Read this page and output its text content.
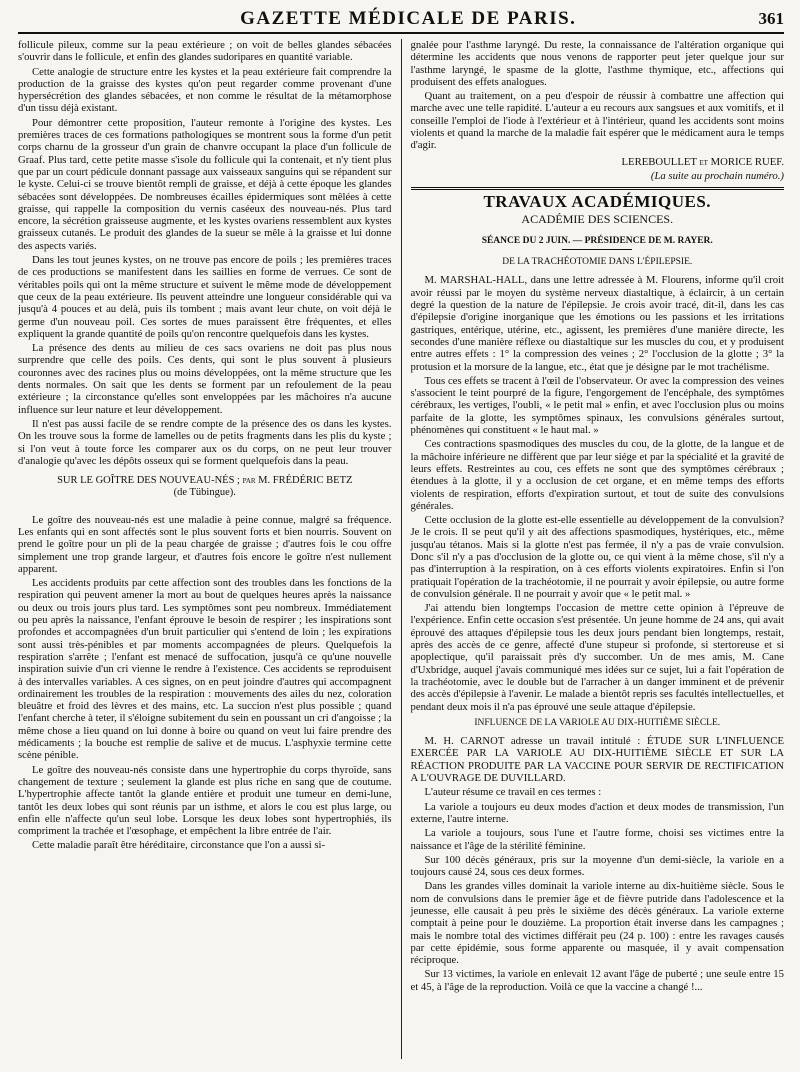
GAZETTE MÉDICALE DE PARIS.	361

follicule pileux, comme sur la peau extérieure ; on voit de belles glandes sébacées s'ouvrir dans le follicule, et enfin des glandes sudoripares en quantité variable.

Cette analogie de structure entre les kystes et la peau extérieure fait comprendre la production de la graisse des kystes qu'on peut regarder comme provenant d'une hypersécrétion des glandes sébacées, et non comme le résultat de la métamorphose d'un tissu déjà existant.

Pour démontrer cette proposition, l'auteur remonte à l'origine des kystes. Les premières traces de ces formations pathologiques se montrent sous la forme d'un petit corps charnu de la grosseur d'un grain de chanvre occupant la place d'un follicule de Graaf. Plus tard, cette petite masse s'isole du follicule qui la contenait, et n'y tient plus que par un court pédicule donnant passage aux vaisseaux sanguins qui se répandent sur le kyste. Celui-ci se trouve bientôt rempli de graisse, et déjà à cette époque les glandes sébacées sont développées. De nombreuses écailles épidermiques sont mêlées à cette graisse, qui rappelle la composition du vernis caséeux des nouveau-nés. Plus tard encore, la sécrétion graisseuse augmente, et les kystes ovariens ressemblent aux kystes graisseux cutanés. Le produit des glandes de la sueur se mêle à la graisse et lui donne des aspects variés.

Dans les tout jeunes kystes, on ne trouve pas encore de poils ; les premières traces de ces productions se manifestent dans les saillies en forme de verrues. Ce sont de véritables poils qui ont la même structure et suivent le même mode de développement que ceux de la peau extérieure. Ils peuvent atteindre une longueur considérable qui va jusqu'à 4 pouces et au delà, puis ils tombent ; mais avant leur chute, on voit déjà le germe d'un nouveau poil. Ces sortes de mues paraissent être fréquentes, et elles expliquent la grande quantité de poils qu'on rencontre quelquefois dans les kystes.

La présence des dents au milieu de ces sacs ovariens ne doit pas plus nous surprendre que celle des poils. Ces dents, qui sont le plus souvent à plusieurs couronnes avec des racines plus ou moins développées, ont la même structure que les dents normales. On sait que les dents se forment par un refoulement de la peau extérieure ; la circonstance qu'elles sont enveloppées par les mâchoires n'a aucune influence sur leur nature et leur développement.

Il n'est pas aussi facile de se rendre compte de la présence des os dans les kystes. On les trouve sous la forme de lamelles ou de petits fragments dans les plis du kyste ; si l'on veut à toute force les comparer aux os du corps, on ne peut leur trouver d'analogie qu'avec les dépôts osseux qui se forment quelquefois dans la peau.

SUR LE GOÎTRE DES NOUVEAU-NÉS ; par M. FRÉDÉRIC BETZ
(de Tübingue).

Le goître des nouveau-nés est une maladie à peine connue, malgré sa fréquence. Les enfants qui en sont affectés sont le plus souvent forts et bien nourris. Souvent on prend le goître pour un pli de la peau chargée de graisse ; d'autres fois le cou offre simplement une trop grande largeur, et d'autres fois encore le goître n'est nullement apparent.

Les accidents produits par cette affection sont des troubles dans les fonctions de la respiration qui peuvent amener la mort au bout de quelques heures après la naissance ou deux ou trois jours plus tard. Les symptômes sont peu nombreux. Immédiatement ou peu après la naissance, l'enfant éprouve le besoin de respirer ; les inspirations sont profondes et accompagnées d'un bruit particulier qui s'entend de loin ; les expirations sont aussi très-pénibles et par moments accompagnées de pleurs. Quelquefois la respiration s'arrête ; l'enfant est menacé de suffocation, jusqu'à ce qu'une nouvelle inspiration suivie d'un cri vienne le rendre à l'existence. Ces accidents se reproduisent à des intervalles variables. A ces signes, on en peut joindre d'autres qui accompagnent ordinairement les troubles de la respiration : mouvements des ailes du nez, coloration bleuâtre et froid des lèvres et des mains, etc. La succion n'est plus possible ; quand l'enfant cherche à teter, il s'éloigne subitement du sein en poussant un cri d'angoisse ; la même chose a lieu quand on lui donne à boire ou quand on veut lui faire prendre des médicaments ; la bouche est remplie de salive et de mucus. L'asphyxie termine cette scène pénible.

Le goître des nouveau-nés consiste dans une hypertrophie du corps thyroïde, sans changement de texture ; seulement la glande est plus riche en sang que de coutume. L'hypertrophie affecte tantôt la glande entière et produit une tumeur en demi-lune, tantôt les deux lobes qui sont réunis par un isthme, et alors le cou est plus large, ou enfin elle n'affecte qu'un seul lobe. Lorsque les deux lobes sont hypertrophiés, ils compriment la trachée et l'œsophage, et empêchent la libre entrée de l'air.

Cette maladie paraît être héréditaire, circonstance que l'on a aussi si-

gnalée pour l'asthme laryngé. Du reste, la connaissance de l'altération organique qui détermine les accidents que nous venons de rapporter peut jeter quelque jour sur l'asthme laryngé, le spasme de la glotte, l'asthme thymique, etc., affections qui produisent des effets analogues.

Quant au traitement, on a peu d'espoir de réussir à combattre une affection qui marche avec une telle rapidité. L'auteur a eu recours aux sangsues et aux vomitifs, et il conseille l'emploi de l'iode à l'extérieur et à l'intérieur, quand les accidents sont moins violents et quand la marche de la maladie fait espérer que le médicament aura le temps d'agir.

LEREBOULLET et MORICE RUEF.
(La suite au prochain numéro.)
TRAVAUX ACADÉMIQUES.
ACADÉMIE DES SCIENCES.
SÉANCE DU 2 JUIN. — PRÉSIDENCE DE M. RAYER.
DE LA TRACHÉOTOMIE DANS L'ÉPILEPSIE.

M. MARSHAL-HALL, dans une lettre adressée à M. Flourens, informe qu'il croit avoir réussi par le moyen du système nerveux diastaltique, à éclaircir, à un certain degré la question de la nature de l'épilepsie. Je crois avoir tracé, dit-il, dans les cas d'épilepsie d'origine inorganique que les émotions ou les passions et les irritations gastriques, entérique, utérine, etc., agissent, les premières d'une manière directe, les secondes d'une manière réflexe ou diastaltique sur les muscles du cou, et y produisent entre autres effets : 1° la compression des veines ; 2° l'occlusion de la glotte ; 3° la protusion et la morsure de la langue, etc., état que je désigne par le mot trachélisme.

Tous ces effets se tracent à l'œil de l'observateur. Or avec la compression des veines s'associent le teint pourpré de la figure, l'engorgement de l'encéphale, des symptômes cérébraux, les vertiges, l'oubli, « le petit mal » enfin, et avec l'occlusion plus ou moins parfaite de la glotte, les symptômes spinaux, les convulsions générales surtout, phénomènes qui constituent « le haut mal. »

Ces contractions spasmodiques des muscles du cou, de la glotte, de la langue et de la mâchoire inférieure ne diffèrent que par leur siége et par la spécialité et la gravité de leurs effets. Restreintes au cou, ces effets ne sont que des symptômes cérébraux ; étendues à la glotte, il y a occlusion de cet organe, et en même temps des efforts violents de respiration, efforts d'expiration surtout, et tout de suite des convulsions générales.

Cette occlusion de la glotte est-elle essentielle au développement de la convulsion? Je le crois. Il se peut qu'il y ait des affections spasmodiques, hystériques, etc., même jusqu'au tétanos. Mais si la glotte n'est pas fermée, il n'y a pas de vraie convulsion. Donc s'il n'y a pas d'occlusion de la glotte ou, ce qui vient à la même chose, s'il n'y a pas d'interruption à la respiration, on à ces efforts violents expiratoires. Enfin si l'on pratiquait l'opération de la trachéotomie, il ne pourrait y avoir épilepsie, ou autre forme de convulsion générale. Il ne pourrait y avoir que « le petit mal. »

J'ai attendu bien longtemps l'occasion de mettre cette opinion à l'épreuve de l'expérience. Enfin cette occasion s'est présentée. Un jeune homme de 24 ans, qui avait éprouvé des attaques d'épilepsie tous les deux jours pendant bien longtemps, restait, après des accès de ce genre, affecté d'une stupeur si profonde, si stertoreuse et si apoplectique, qu'il paraissait près d'y succomber. Un de mes amis, M. Cane d'Uxbridge, auquel j'avais communiqué mes idées sur ce sujet, lui a fait l'opération de la trachéotomie, avec le double but de l'arracher à un danger imminent et de prévenir des accès d'épilepsie à l'avenir. Le malade a bientôt repris ses facultés intellectuelles, et pendant deux mois il n'a pas éprouvé une seule attaque d'épilepsie.

INFLUENCE DE LA VARIOLE AU DIX-HUITIÈME SIÈCLE.

M. H. CARNOT adresse un travail intitulé : ÉTUDE SUR L'INFLUENCE EXERCÉE PAR LA VARIOLE AU DIX-HUITIÈME SIÈCLE ET SUR LA RÉACTION PRODUITE PAR LA VACCINE POUR SERVIR DE RECTIFICATION A L'OUVRAGE DE DUVILLARD.

L'auteur résume ce travail en ces termes :

La variole a toujours eu deux modes d'action et deux modes de transmission, l'un externe, l'autre interne.

La variole a toujours, sous l'une et l'autre forme, choisi ses victimes entre la naissance et l'âge de la stérilité féminine.

Sur 100 décès généraux, pris sur la moyenne d'un demi-siècle, la variole en a toujours causé 24, sous ces deux formes.

Dans les grandes villes dominait la variole interne au dix-huitième siècle. Sous le nom de convulsions dans le premier âge et de fièvre putride dans l'adolescence et la jeunesse, elle causait à peu près le sixième des décès généraux. La variole externe comptait à peine pour le douzième. La proportion était inverse dans les campagnes ; mais le nombre total des victimes différait peu (24 p. 100) : entre les ravages causés par cette épidémie, sous forme apparente ou masquée, il y avait compensation réciproque.

Sur 13 victimes, la variole en enlevait 12 avant l'âge de puberté ; une seule entre 15 et 45, à l'âge de la reproduction. Voilà ce que la vaccine a changé !...
